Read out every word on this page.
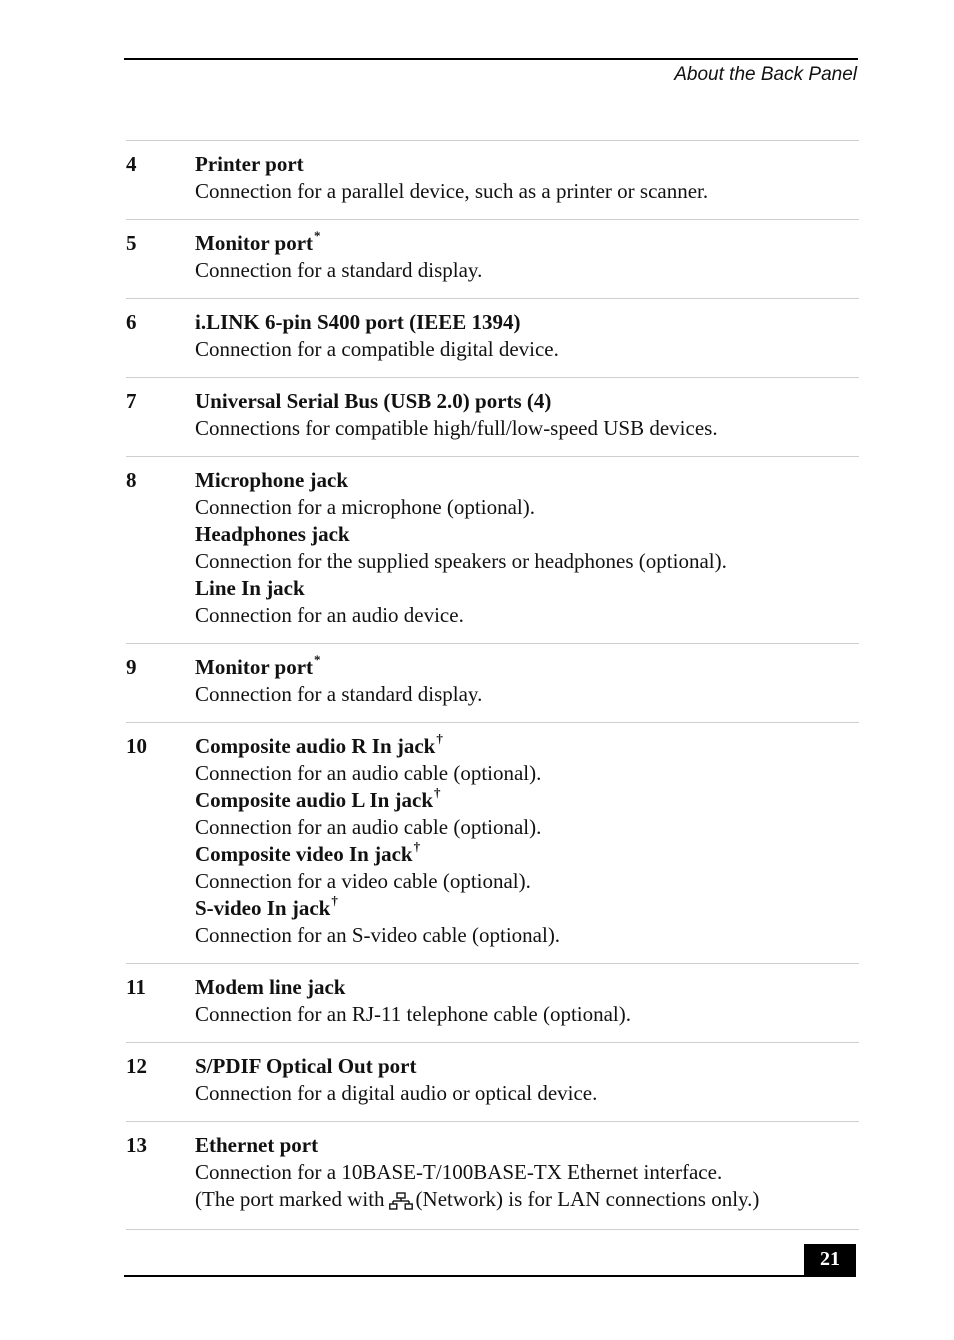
About the Back Panel
4	Printer port
Connection for a parallel device, such as a printer or scanner.
5	Monitor port*
Connection for a standard display.
6	i.LINK 6-pin S400 port (IEEE 1394)
Connection for a compatible digital device.
7	Universal Serial Bus (USB 2.0) ports (4)
Connections for compatible high/full/low-speed USB devices.
8	Microphone jack
Connection for a microphone (optional).
Headphones jack
Connection for the supplied speakers or headphones (optional).
Line In jack
Connection for an audio device.
9	Monitor port*
Connection for a standard display.
10	Composite audio R In jack†
Connection for an audio cable (optional).
Composite audio L In jack†
Connection for an audio cable (optional).
Composite video In jack†
Connection for a video cable (optional).
S-video In jack†
Connection for an S-video cable (optional).
11	Modem line jack
Connection for an RJ-11 telephone cable (optional).
12	S/PDIF Optical Out port
Connection for a digital audio or optical device.
13	Ethernet port
Connection for a 10BASE-T/100BASE-TX Ethernet interface.
(The port marked with (Network) is for LAN connections only.)
21
